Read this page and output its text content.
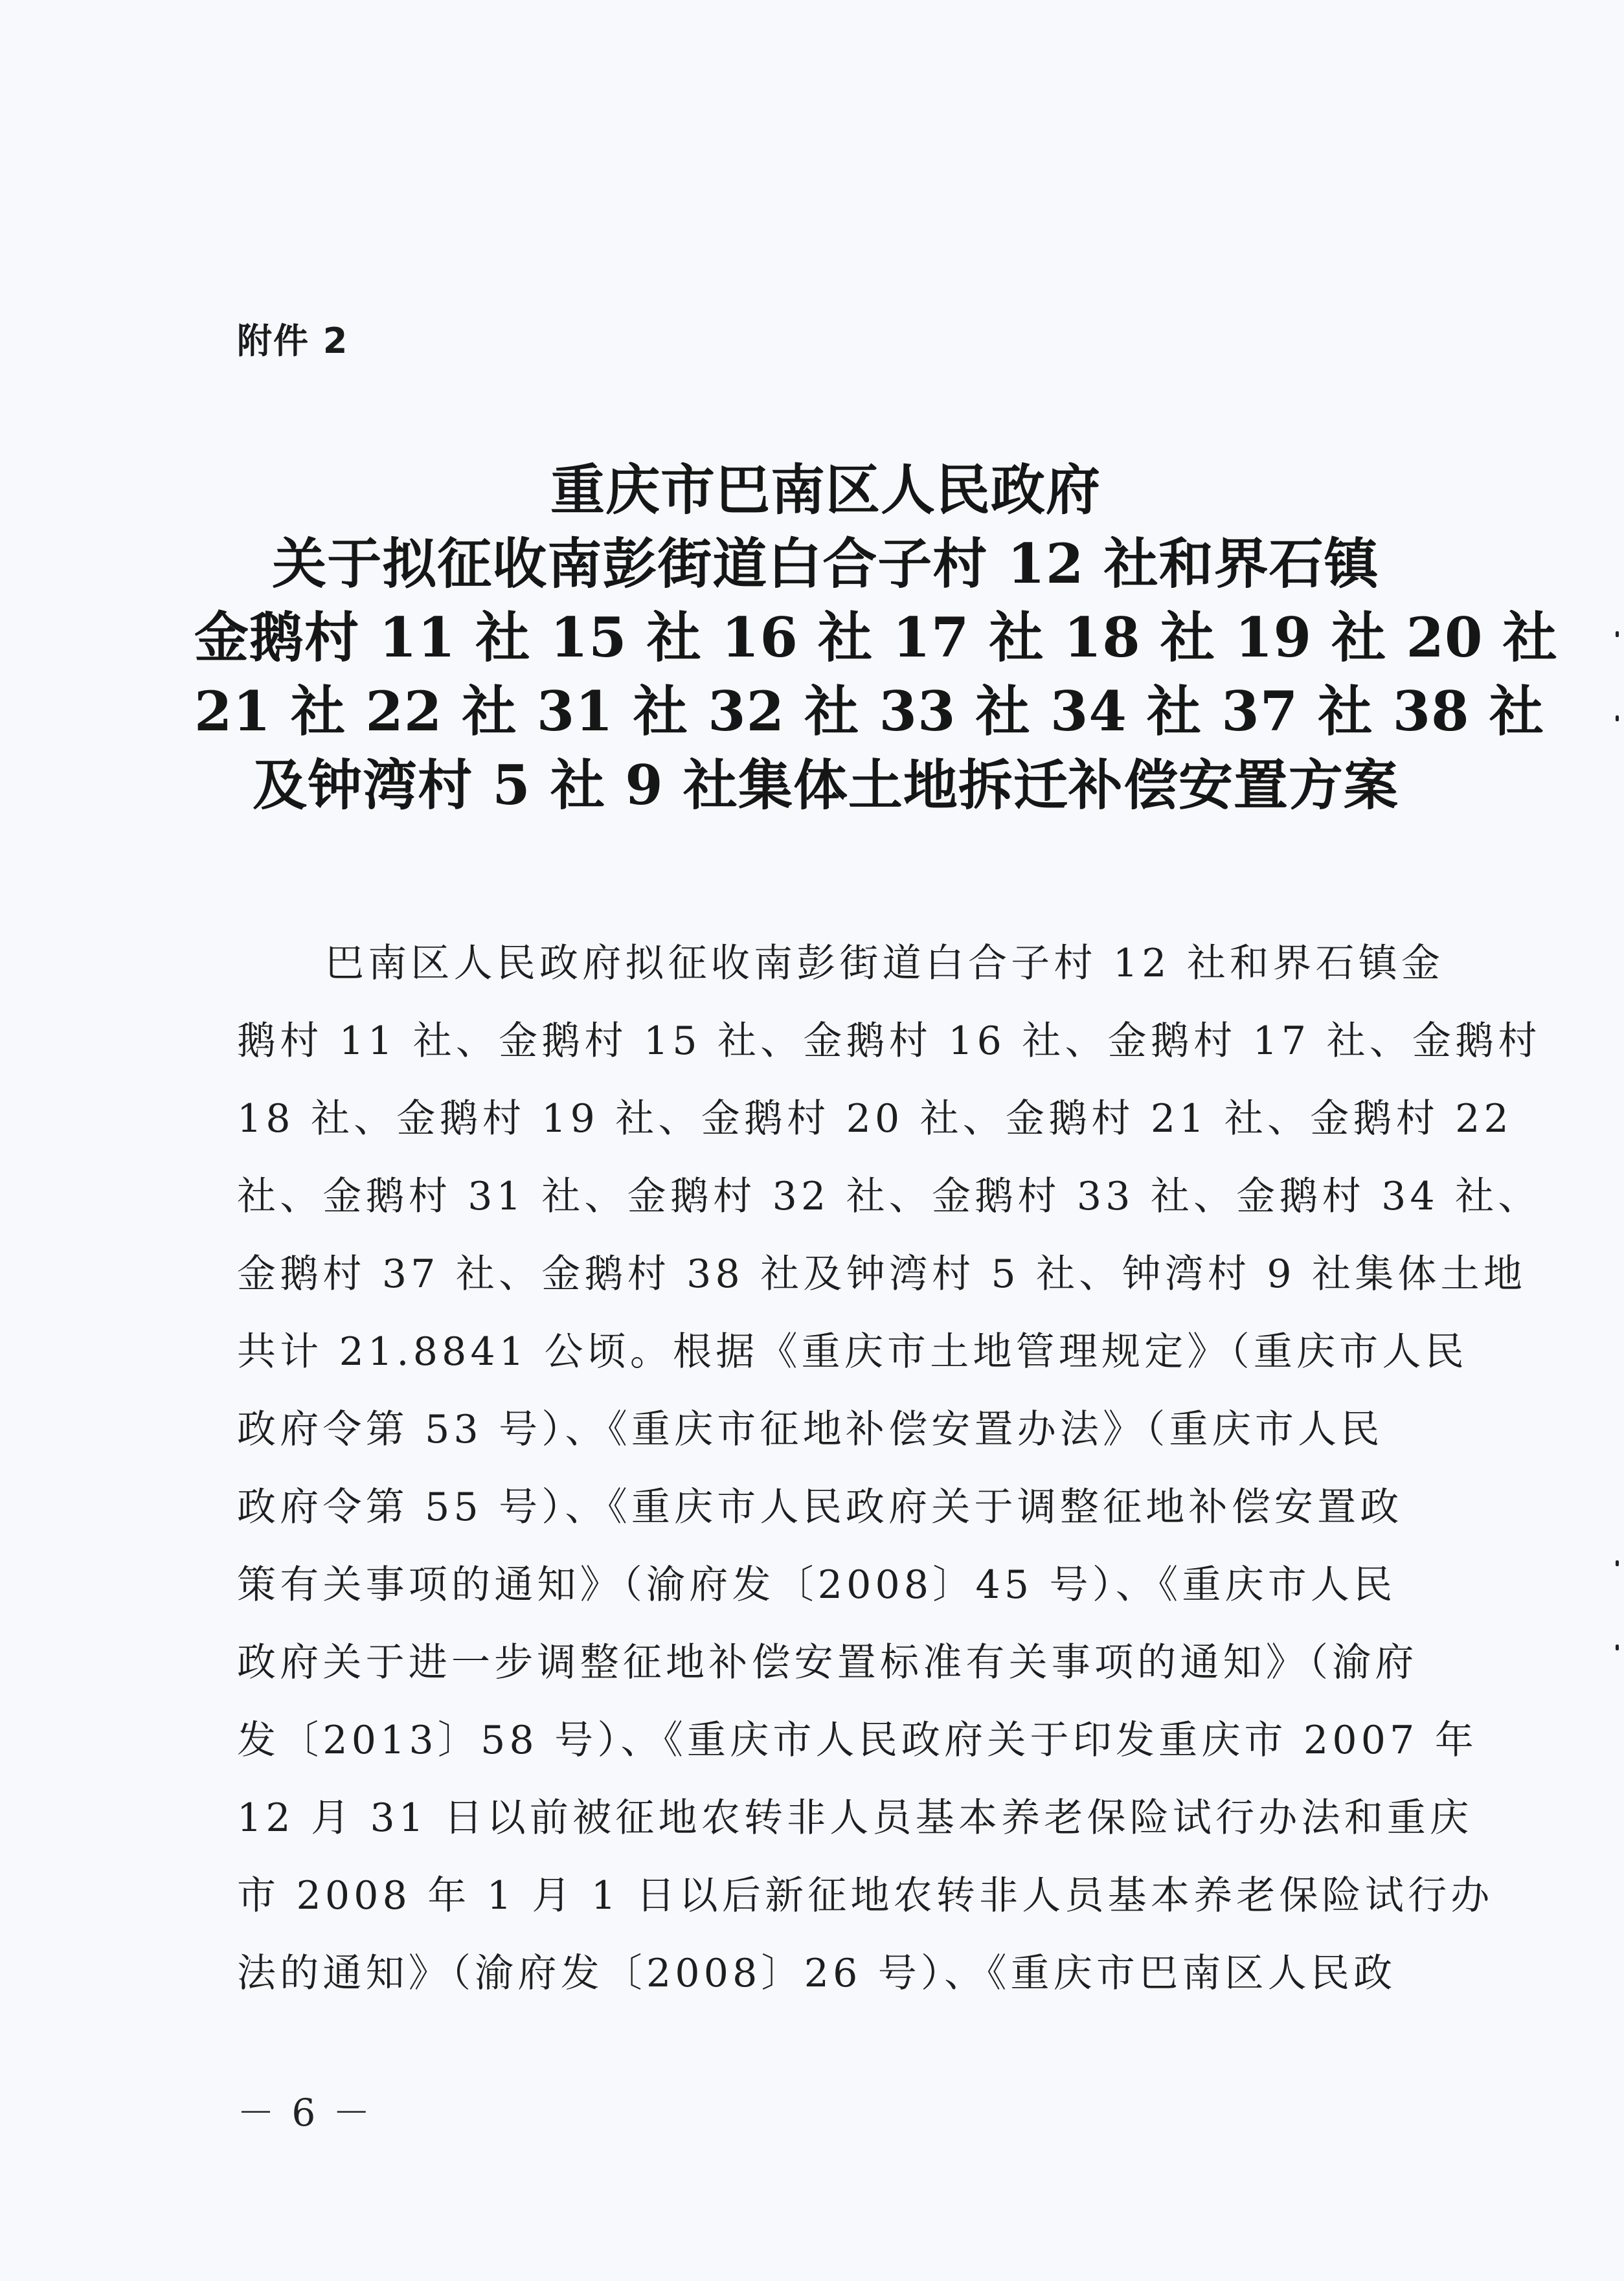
附件 2
重庆市巴南区人民政府
关于拟征收南彭街道白合子村 12 社和界石镇
金鹅村 11 社 15 社 16 社 17 社 18 社 19 社 20 社
21 社 22 社 31 社 32 社 33 社 34 社 37 社 38 社
及钟湾村 5 社 9 社集体土地拆迁补偿安置方案
巴南区人民政府拟征收南彭街道白合子村 12 社和界石镇金
鹅村 11 社、金鹅村 15 社、金鹅村 16 社、金鹅村 17 社、金鹅村
18 社、金鹅村 19 社、金鹅村 20 社、金鹅村 21 社、金鹅村 22
社、金鹅村 31 社、金鹅村 32 社、金鹅村 33 社、金鹅村 34 社、
金鹅村 37 社、金鹅村 38 社及钟湾村 5 社、钟湾村 9 社集体土地
共计 21.8841 公顷。根据《重庆市土地管理规定》（重庆市人民
政府令第 53 号）、《重庆市征地补偿安置办法》（重庆市人民
政府令第 55 号）、《重庆市人民政府关于调整征地补偿安置政
策有关事项的通知》（渝府发〔2008〕45 号）、《重庆市人民
政府关于进一步调整征地补偿安置标准有关事项的通知》（渝府
发〔2013〕58 号）、《重庆市人民政府关于印发重庆市 2007 年
12 月 31 日以前被征地农转非人员基本养老保险试行办法和重庆
市 2008 年 1 月 1 日以后新征地农转非人员基本养老保险试行办
法的通知》（渝府发〔2008〕26 号）、《重庆市巴南区人民政
－ 6 －
